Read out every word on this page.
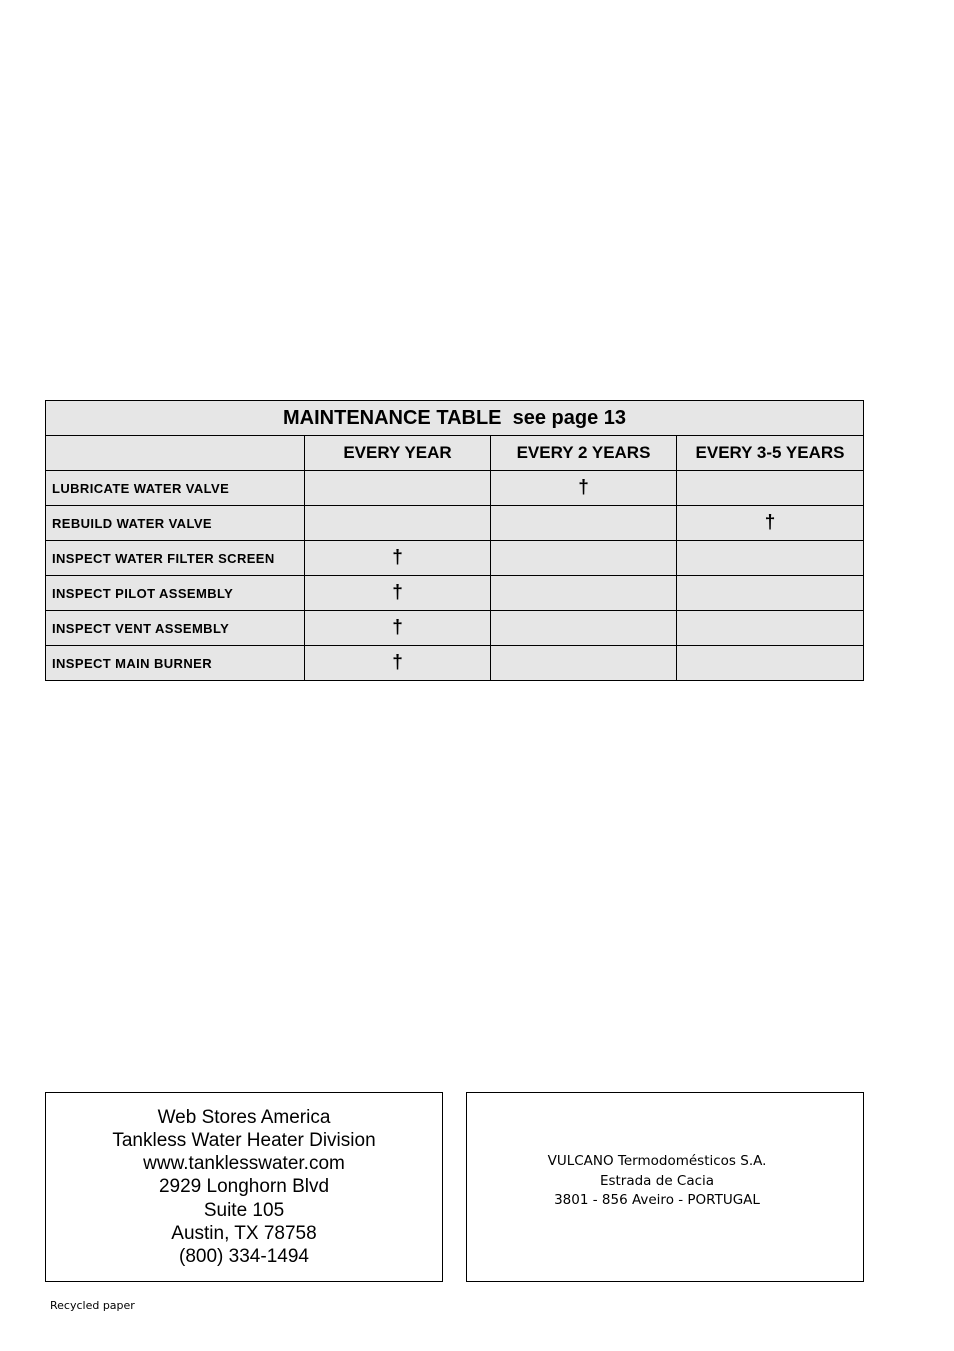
MAINTENANCE TABLE  see page 13			
	EVERY YEAR	EVERY 2 YEARS	EVERY 3-5 YEARS
LUBRICATE WATER VALVE		†	
REBUILD WATER VALVE			†
INSPECT WATER FILTER SCREEN	†		
INSPECT PILOT ASSEMBLY	†		
INSPECT VENT ASSEMBLY	†		
INSPECT MAIN BURNER	†		
Web Stores America
Tankless Water Heater Division
www.tanklesswater.com
2929 Longhorn Blvd
Suite 105
Austin, TX 78758
(800) 334-1494
VULCANO Termodomésticos S.A.
Estrada de Cacia
3801 - 856 Aveiro - PORTUGAL
Recycled paper
